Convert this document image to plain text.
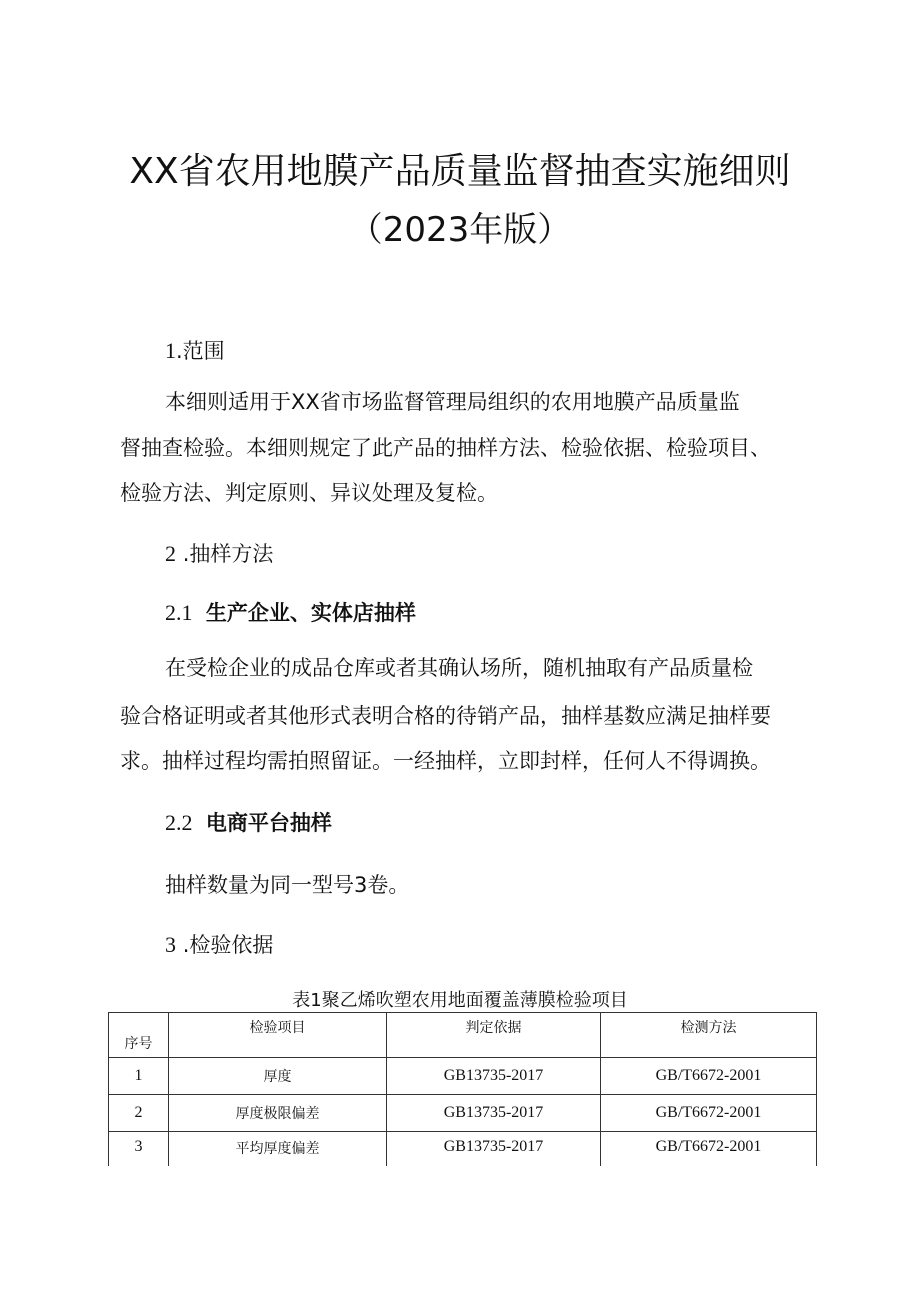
XX省农用地膜产品质量监督抽查实施细则
（2023年版）
1.范围
本细则适用于XX省市场监督管理局组织的农用地膜产品质量监
督抽查检验。本细则规定了此产品的抽样方法、检验依据、检验项目、
检验方法、判定原则、异议处理及复检。
2 .抽样方法
2.1 生产企业、实体店抽样
在受检企业的成品仓库或者其确认场所，随机抽取有产品质量检
验合格证明或者其他形式表明合格的待销产品，抽样基数应满足抽样要
求。抽样过程均需拍照留证。一经抽样，立即封样，任何人不得调换。
2.2 电商平台抽样
抽样数量为同一型号3卷。
3 .检验依据
表1聚乙烯吹塑农用地面覆盖薄膜检验项目
序号	检验项目	判定依据	检测方法
1	厚度	GB13735-2017	GB/T6672-2001
2	厚度极限偏差	GB13735-2017	GB/T6672-2001
3	平均厚度偏差	GB13735-2017	GB/T6672-2001
